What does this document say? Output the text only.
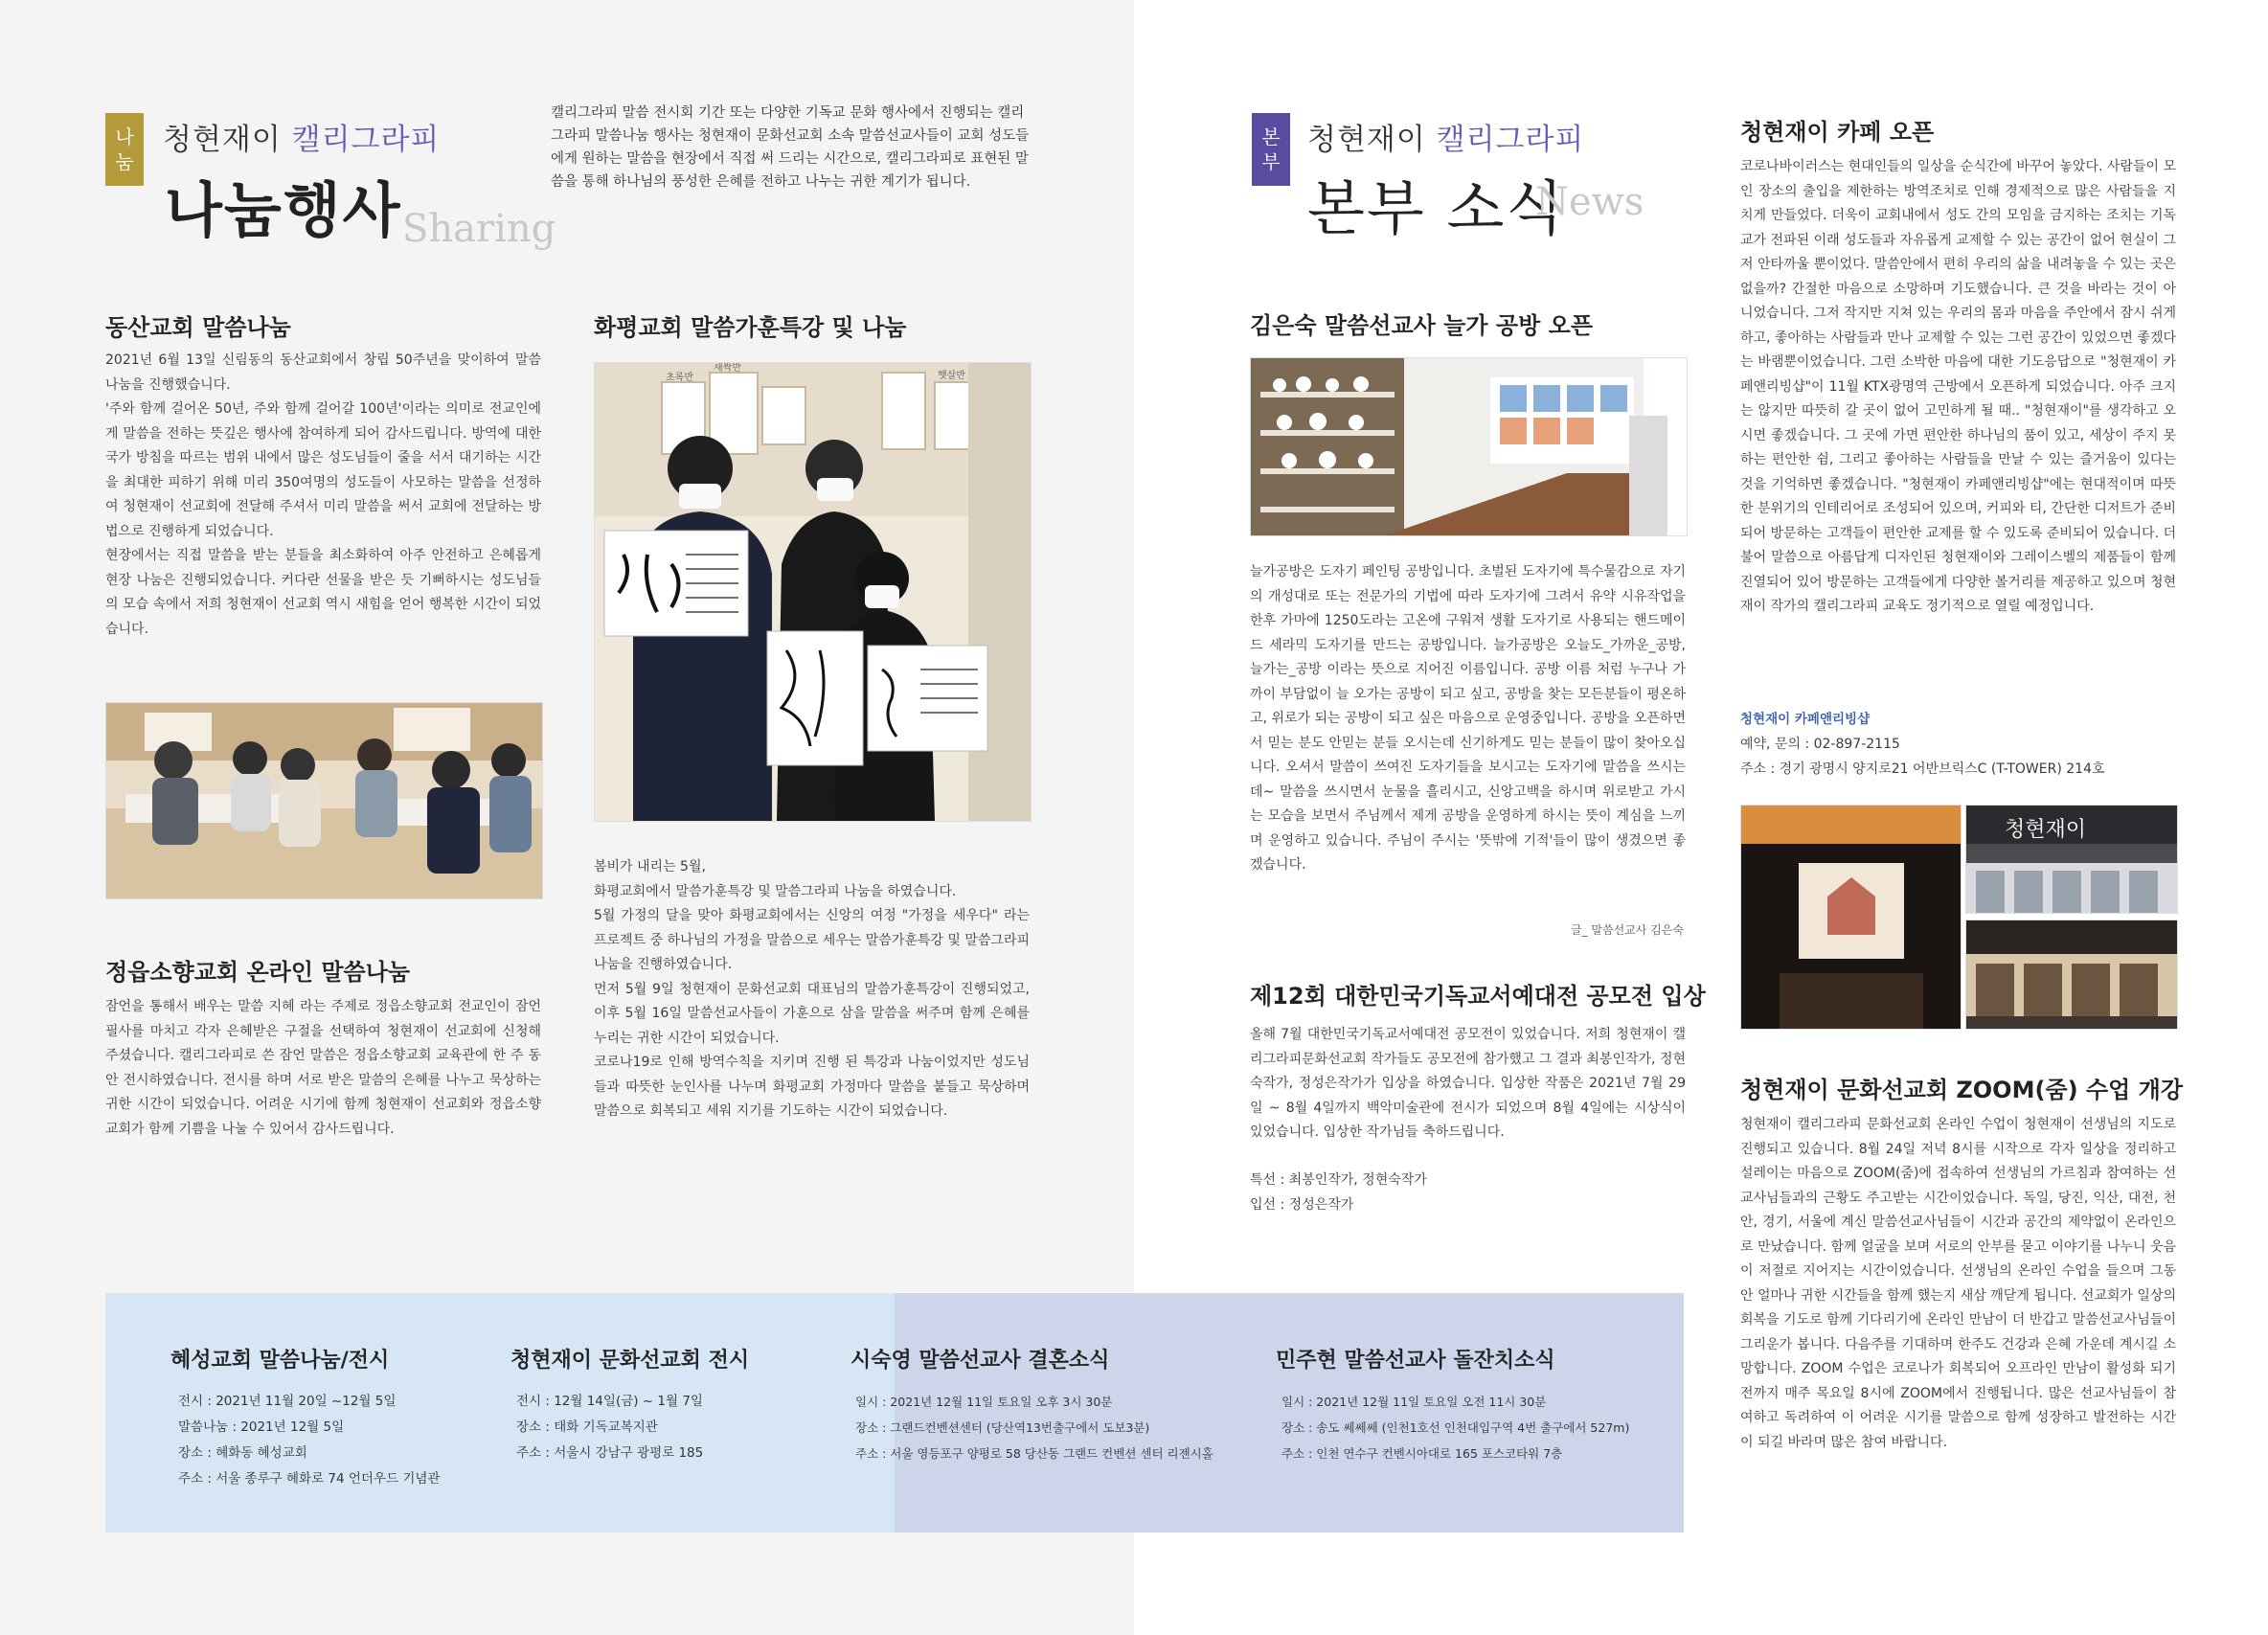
나
눔
청현재이 캘리그라피
나눔행사 Sharing
캘리그라피 말씀 전시회 기간 또는 다양한 기독교 문화 행사에서 진행되는 캘리그라피 말씀나눔 행사는 청현재이 문화선교회 소속 말씀선교사들이 교회 성도들에게 원하는 말씀을 현장에서 직접 써 드리는 시간으로, 캘리그라피로 표현된 말씀을 통해 하나님의 풍성한 은혜를 전하고 나누는 귀한 계기가 됩니다.
동산교회 말씀나눔

2021년 6월 13일 신림동의 동산교회에서 창립 50주년을 맞이하여 말씀 나눔을 진행했습니다.

'주와 함께 걸어온 50년, 주와 함께 걸어갈 100년'이라는 의미로 전교인에게 말씀을 전하는 뜻깊은 행사에 참여하게 되어 감사드립니다. 방역에 대한 국가 방침을 따르는 범위 내에서 많은 성도님들이 줄을 서서 대기하는 시간을 최대한 피하기 위해 미리 350여명의 성도들이 사모하는 말씀을 선정하여 청현재이 선교회에 전달해 주셔서 미리 말씀을 써서 교회에 전달하는 방법으로 진행하게 되었습니다.

현장에서는 직접 말씀을 받는 분들을 최소화하여 아주 안전하고 은혜롭게 현장 나눔은 진행되었습니다. 커다란 선물을 받은 듯 기뻐하시는 성도님들의 모습 속에서 저희 청현재이 선교회 역시 새힘을 얻어 행복한 시간이 되었습니다.

정읍소향교회 온라인 말씀나눔

잠언을 통해서 배우는 말씀 지혜 라는 주제로 정읍소향교회 전교인이 잠언 필사를 마치고 각자 은혜받은 구절을 선택하여 청현재이 선교회에 신청해 주셨습니다. 캘리그라피로 쓴 잠언 말씀은 정읍소향교회 교육관에 한 주 동안 전시하였습니다. 전시를 하며 서로 받은 말씀의 은혜를 나누고 묵상하는 귀한 시간이 되었습니다. 어려운 시기에 함께 청현재이 선교회와 정읍소향교회가 함께 기쁨을 나눌 수 있어서 감사드립니다.

화평교회 말씀가훈특강 및 나눔
초록반
새싹반
햇살반

봄비가 내리는 5월,

화평교회에서 말씀가훈특강 및 말씀그라피 나눔을 하였습니다.

5월 가정의 달을 맞아 화평교회에서는 신앙의 여정 "가정을 세우다" 라는 프로젝트 중 하나님의 가정을 말씀으로 세우는 말씀가훈특강 및 말씀그라피 나눔을 진행하였습니다.

먼저 5월 9일 청현재이 문화선교회 대표님의 말씀가훈특강이 진행되었고, 이후 5월 16일 말씀선교사들이 가훈으로 삼을 말씀을 써주며 함께 은혜를 누리는 귀한 시간이 되었습니다.

코로나19로 인해 방역수칙을 지키며 진행 된 특강과 나눔이었지만 성도님들과 따뜻한 눈인사를 나누며 화평교회 가정마다 말씀을 붙들고 묵상하며 말씀으로 회복되고 세워 지기를 기도하는 시간이 되었습니다.

본
부
청현재이 캘리그라피
본부 소식
News
김은숙 말씀선교사 늘가 공방 오픈

늘가공방은 도자기 페인팅 공방입니다. 초벌된 도자기에 특수물감으로 자기의 개성대로 또는 전문가의 기법에 따라 도자기에 그려서 유약 시유작업을 한후 가마에 1250도라는 고온에 구워져 생활 도자기로 사용되는 핸드메이드 세라믹 도자기를 만드는 공방입니다. 늘가공방은 오늘도_가까운_공방, 늘가는_공방 이라는 뜻으로 지어진 이름입니다. 공방 이름 처럼 누구나 가까이 부담없이 늘 오가는 공방이 되고 싶고, 공방을 찾는 모든분들이 평온하고, 위로가 되는 공방이 되고 싶은 마음으로 운영중입니다. 공방을 오픈하면서 믿는 분도 안믿는 분들 오시는데 신기하게도 믿는 분들이 많이 찾아오십니다. 오셔서 말씀이 쓰여진 도자기들을 보시고는 도자기에 말씀을 쓰시는데~ 말씀을 쓰시면서 눈물을 흘리시고, 신앙고백을 하시며 위로받고 가시는 모습을 보면서 주님께서 제게 공방을 운영하게 하시는 뜻이 계심을 느끼며 운영하고 있습니다. 주님이 주시는 '뜻밖에 기적'들이 많이 생겼으면 좋겠습니다.

글_ 말씀선교사 김은숙
제12회 대한민국기독교서예대전 공모전 입상

올해 7월 대한민국기독교서예대전 공모전이 있었습니다. 저희 청현재이 캘리그라피문화선교회 작가들도 공모전에 참가했고 그 결과 최봉인작가, 정현숙작가, 정성은작가가 입상을 하였습니다. 입상한 작품은 2021년 7월 29일 ~ 8월 4일까지 백악미술관에 전시가 되었으며 8월 4일에는 시상식이 있었습니다. 입상한 작가님들 축하드립니다.

특선 : 최봉인작가, 정현숙작가
입선 : 정성은작가
청현재이 카페 오픈

코로나바이러스는 현대인들의 일상을 순식간에 바꾸어 놓았다. 사람들이 모인 장소의 출입을 제한하는 방역조치로 인해 경제적으로 많은 사람들을 지치게 만들었다. 더욱이 교회내에서 성도 간의 모임을 금지하는 조치는 기독교가 전파된 이래 성도들과 자유롭게 교제할 수 있는 공간이 없어 현실이 그저 안타까울 뿐이었다. 말씀안에서 편히 우리의 삶을 내려놓을 수 있는 곳은 없을까? 간절한 마음으로 소망하며 기도했습니다. 큰 것을 바라는 것이 아니었습니다. 그저 작지만 지쳐 있는 우리의 몸과 마음을 주안에서 잠시 쉬게 하고, 좋아하는 사람들과 만나 교제할 수 있는 그런 공간이 있었으면 좋겠다는 바램뿐이었습니다. 그런 소박한 마음에 대한 기도응답으로 "청현재이 카페앤리빙샵"이 11월 KTX광명역 근방에서 오픈하게 되었습니다. 아주 크지는 않지만 따뜻히 갈 곳이 없어 고민하게 될 때.. "청현재이"를 생각하고 오시면 좋겠습니다. 그 곳에 가면 편안한 하나님의 품이 있고, 세상이 주지 못하는 편안한 쉼, 그리고 좋아하는 사람들을 만날 수 있는 즐거움이 있다는 것을 기억하면 좋겠습니다. "청현재이 카페앤리빙샵"에는 현대적이며 따뜻한 분위기의 인테리어로 조성되어 있으며, 커피와 티, 간단한 디저트가 준비되어 방문하는 고객들이 편안한 교제를 할 수 있도록 준비되어 있습니다. 더불어 말씀으로 아름답게 디자인된 청현재이와 그레이스벨의 제품들이 함께 진열되어 있어 방문하는 고객들에게 다양한 볼거리를 제공하고 있으며 청현재이 작가의 캘리그라피 교육도 정기적으로 열릴 예정입니다.

청현재이 카페앤리빙샵
예약, 문의 : 02-897-2115
주소 : 경기 광명시 양지로21 어반브릭스C (T-TOWER) 214호
청현재이
청현재이 문화선교회 ZOOM(줌) 수업 개강

청현재이 캘리그라피 문화선교회 온라인 수업이 청현재이 선생님의 지도로 진행되고 있습니다. 8월 24일 저녁 8시를 시작으로 각자 일상을 정리하고 설레이는 마음으로 ZOOM(줌)에 접속하여 선생님의 가르침과 참여하는 선교사님들과의 근황도 주고받는 시간이었습니다. 독일, 당진, 익산, 대전, 천안, 경기, 서울에 계신 말씀선교사님들이 시간과 공간의 제약없이 온라인으로 만났습니다. 함께 얼굴을 보며 서로의 안부를 묻고 이야기를 나누니 웃음이 저절로 지어지는 시간이었습니다. 선생님의 온라인 수업을 들으며 그동안 얼마나 귀한 시간들을 함께 했는지 새삼 깨닫게 됩니다. 선교회가 일상의 회복을 기도로 함께 기다리기에 온라인 만남이 더 반갑고 말씀선교사님들이 그리운가 봅니다. 다음주를 기대하며 한주도 건강과 은혜 가운데 계시길 소망합니다. ZOOM 수업은 코로나가 회복되어 오프라인 만남이 활성화 되기 전까지 매주 목요일 8시에 ZOOM에서 진행됩니다. 많은 선교사님들이 참여하고 독려하여 이 어려운 시기를 말씀으로 함께 성장하고 발전하는 시간이 되길 바라며 많은 참여 바랍니다.

혜성교회 말씀나눔/전시
전시 : 2021년 11월 20일 ~12월 5일
말씀나눔 : 2021년 12월 5일
장소 : 혜화동 혜성교회
주소 : 서울 종루구 혜화로 74 언더우드 기념관
청현재이 문화선교회 전시
전시 : 12월 14일(금) ~ 1월 7일
장소 : 태화 기독교복지관
주소 : 서울시 강남구 광평로 185
시숙영 말씀선교사 결혼소식
일시 : 2021년 12월 11일 토요일 오후 3시 30분
장소 : 그랜드컨벤션센터 (당산역13번출구에서 도보3분)
주소 : 서울 영등포구 양평로 58 당산동 그랜드 컨벤션 센터 리젠시홀
민주현 말씀선교사 돌잔치소식
일시 : 2021년 12월 11일 토요일 오전 11시 30분
장소 : 송도 쎄쎄쎄 (인천1호선 인천대입구역 4번 출구에서 527m)
주소 : 인천 연수구 컨벤시아대로 165 포스코타워 7층
